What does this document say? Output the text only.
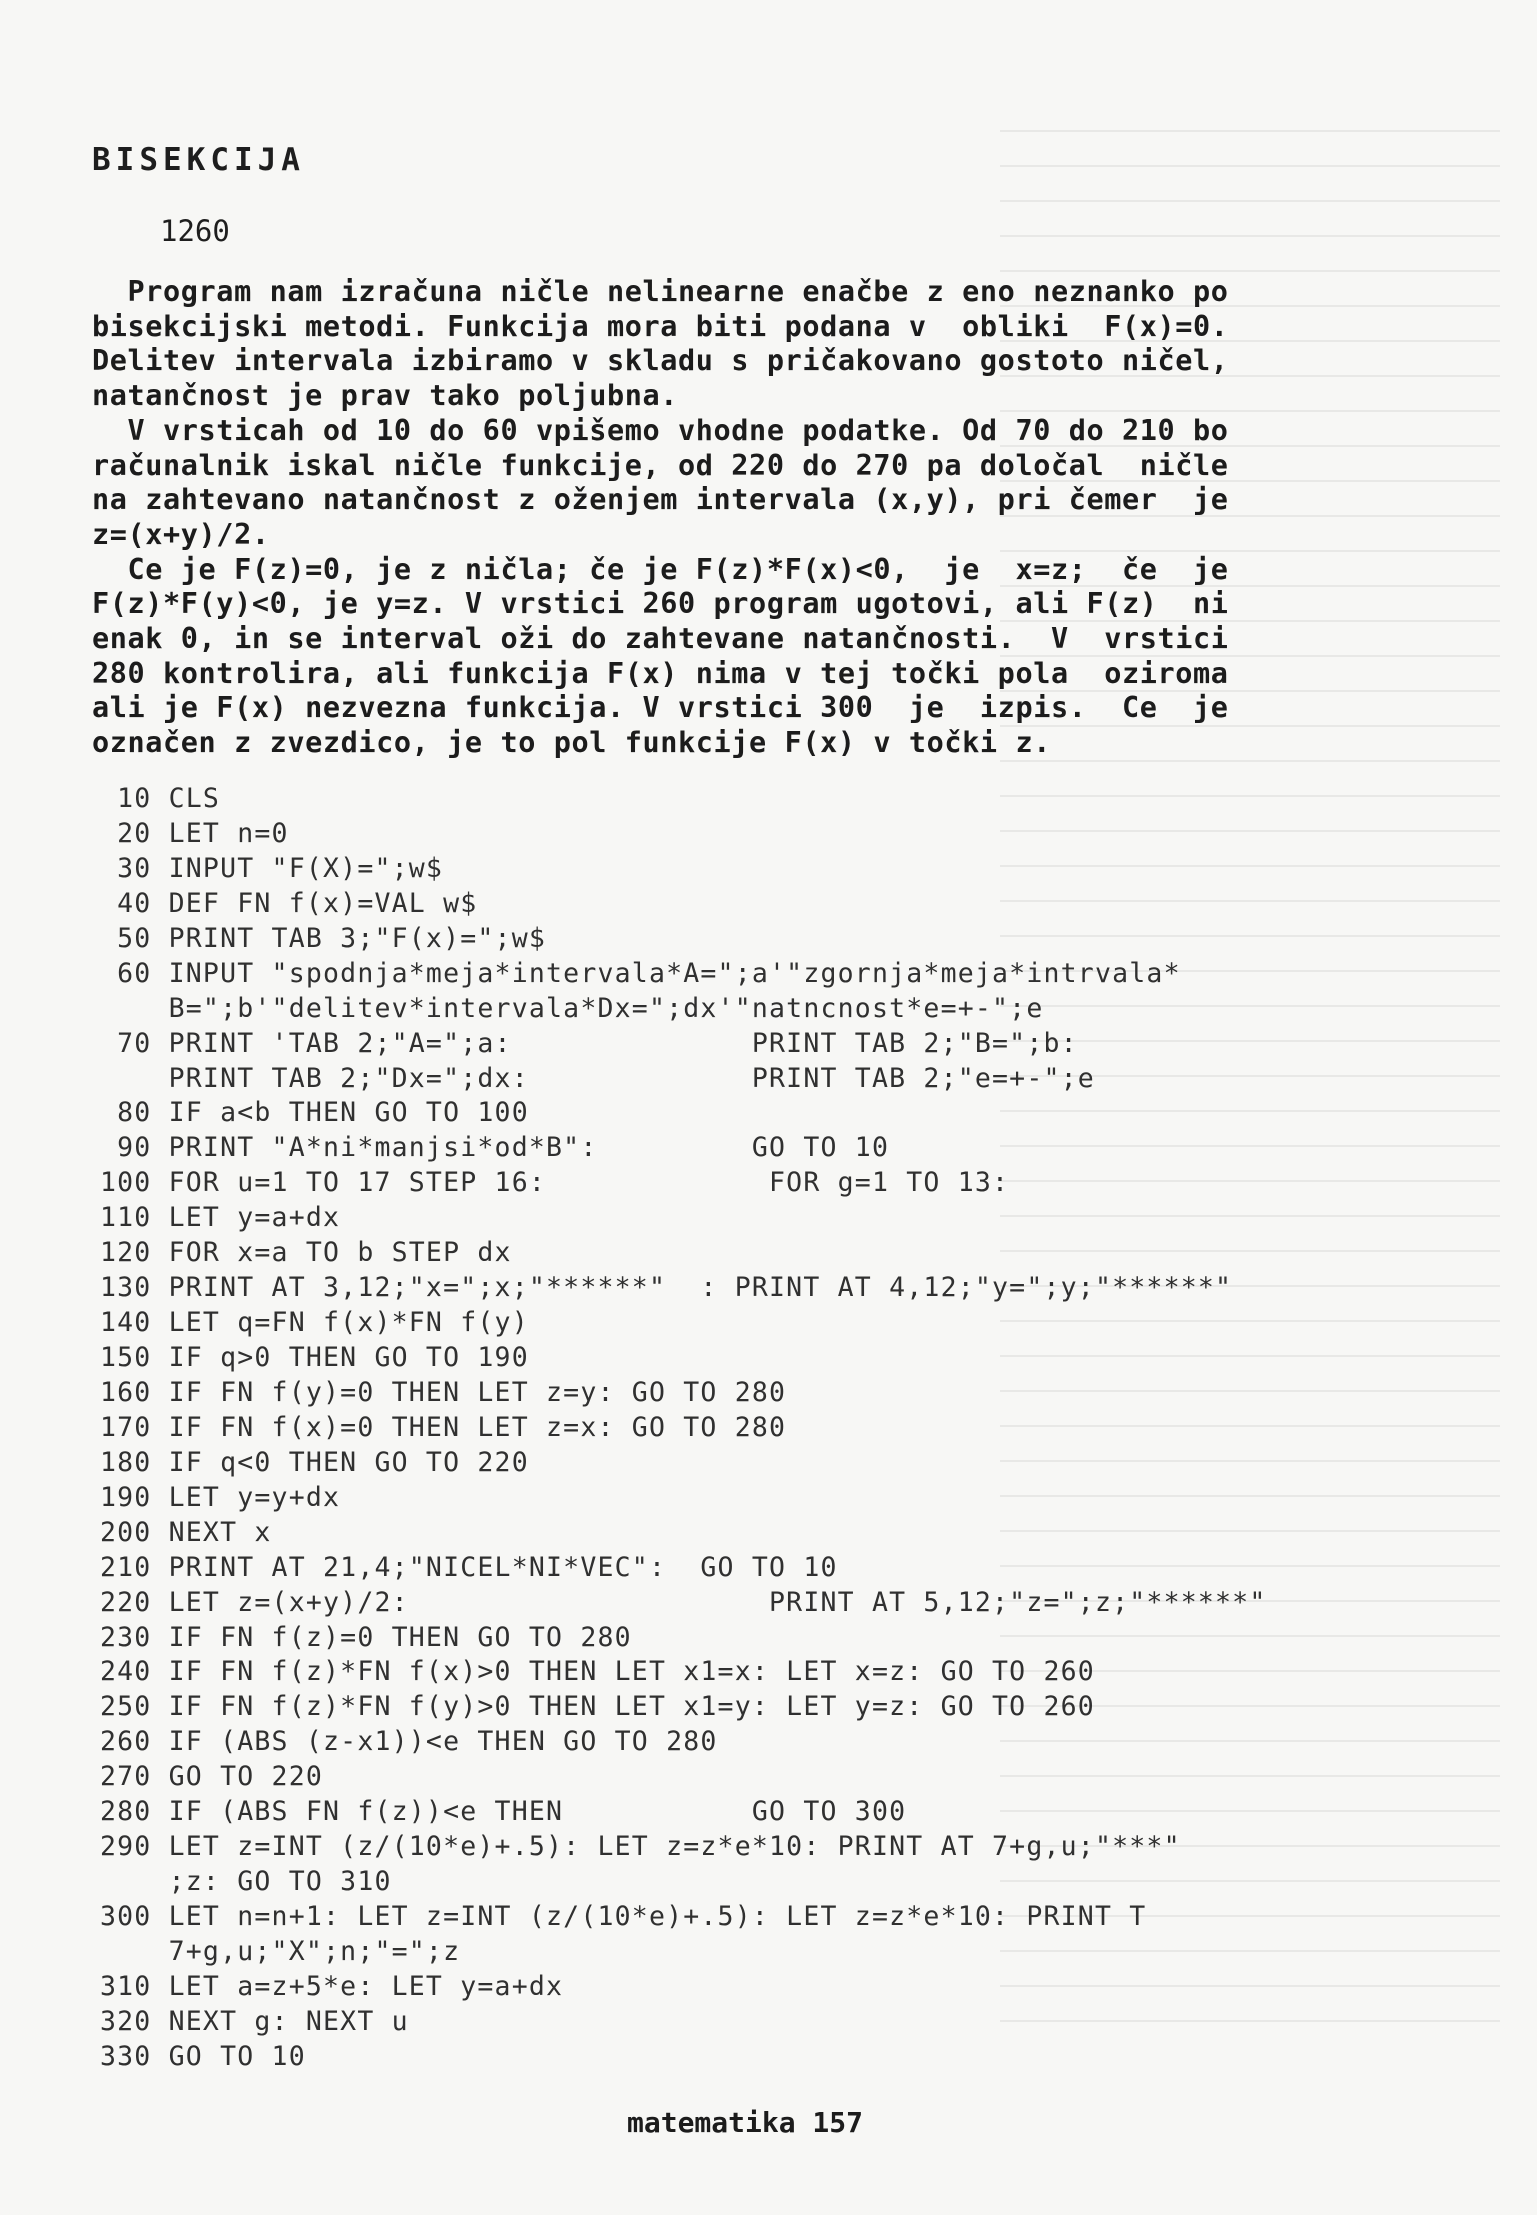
BISEKCIJA
1260

Program nam izračuna ničle nelinearne enačbe z eno neznanko po

bisekcijski metodi. Funkcija mora biti podana v  obliki  F(x)=0.

Delitev intervala izbiramo v skladu s pričakovano gostoto ničel,

natančnost je prav tako poljubna.

V vrsticah od 10 do 60 vpišemo vhodne podatke. Od 70 do 210 bo

računalnik iskal ničle funkcije, od 220 do 270 pa določal  ničle

na zahtevano natančnost z oženjem intervala (x,y), pri čemer  je

z=(x+y)/2.

Ce je F(z)=0, je z ničla; če je F(z)*F(x)<0,  je  x=z;  če  je

F(z)*F(y)<0, je y=z. V vrstici 260 program ugotovi, ali F(z)  ni

enak 0, in se interval oži do zahtevane natančnosti.  V  vrstici

280 kontrolira, ali funkcija F(x) nima v tej točki pola  oziroma

ali je F(x) nezvezna funkcija. V vrstici 300  je  izpis.  Ce  je

označen z zvezdico, je to pol funkcije F(x) v točki z.

10 CLS
20 LET n=0
30 INPUT "F(X)=";w$
40 DEF FN f(x)=VAL w$
50 PRINT TAB 3;"F(x)=";w$
60 INPUT "spodnja*meja*intervala*A=";a'"zgornja*meja*intrvala*
B=";b'"delitev*intervala*Dx=";dx'"natncnost*e=+-";e
70 PRINT 'TAB 2;"A=";a:              PRINT TAB 2;"B=";b:
PRINT TAB 2;"Dx=";dx:             PRINT TAB 2;"e=+-";e
80 IF a<b THEN GO TO 100
90 PRINT "A*ni*manjsi*od*B":         GO TO 10
100 FOR u=1 TO 17 STEP 16:             FOR g=1 TO 13:
110 LET y=a+dx
120 FOR x=a TO b STEP dx
130 PRINT AT 3,12;"x=";x;"******"  : PRINT AT 4,12;"y=";y;"******"
140 LET q=FN f(x)*FN f(y)
150 IF q>0 THEN GO TO 190
160 IF FN f(y)=0 THEN LET z=y: GO TO 280
170 IF FN f(x)=0 THEN LET z=x: GO TO 280
180 IF q<0 THEN GO TO 220
190 LET y=y+dx
200 NEXT x
210 PRINT AT 21,4;"NICEL*NI*VEC":  GO TO 10
220 LET z=(x+y)/2:                     PRINT AT 5,12;"z=";z;"******"
230 IF FN f(z)=0 THEN GO TO 280
240 IF FN f(z)*FN f(x)>0 THEN LET x1=x: LET x=z: GO TO 260
250 IF FN f(z)*FN f(y)>0 THEN LET x1=y: LET y=z: GO TO 260
260 IF (ABS (z-x1))<e THEN GO TO 280
270 GO TO 220
280 IF (ABS FN f(z))<e THEN           GO TO 300
290 LET z=INT (z/(10*e)+.5): LET z=z*e*10: PRINT AT 7+g,u;"***"
;z: GO TO 310
300 LET n=n+1: LET z=INT (z/(10*e)+.5): LET z=z*e*10: PRINT T
7+g,u;"X";n;"=";z
310 LET a=z+5*e: LET y=a+dx
320 NEXT g: NEXT u
330 GO TO 10
matematika 157
